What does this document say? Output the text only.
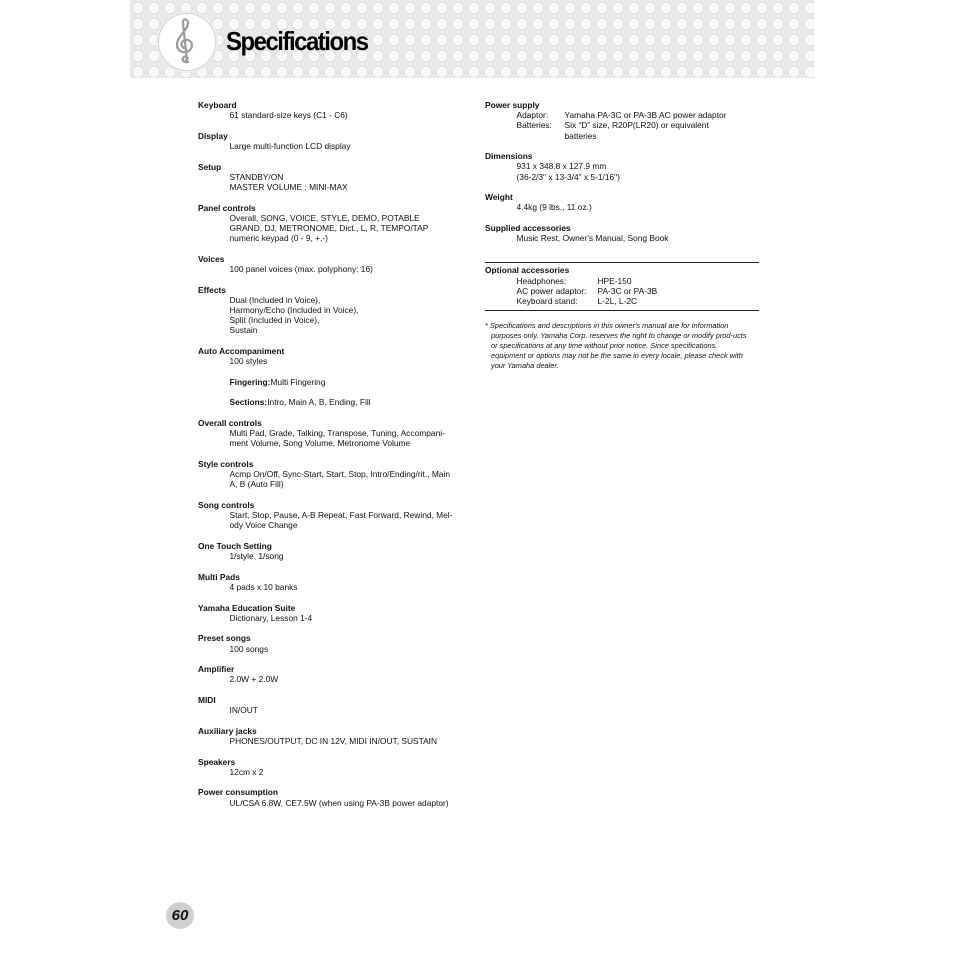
Specifications
Keyboard
61 standard-size keys (C1 - C6)
Display
Large multi-function LCD display
Setup
STANDBY/ON
MASTER VOLUME : MINI-MAX
Panel controls
Overall, SONG, VOICE, STYLE, DEMO, POTABLE
GRAND, DJ, METRONOME, Dict., L, R, TEMPO/TAP
numeric keypad (0 - 9, +,-)
Voices
100 panel voices (max. polyphony: 16)
Effects
Dual (Included in Voice),
Harmony/Echo (Included in Voice),
Split (Included in Voice),
Sustain
Auto Accompaniment
100 styles
Fingering:Multi Fingering
Sections:Intro, Main A, B, Ending, Fill
Overall controls
Multi Pad, Grade, Talking, Transpose, Tuning, Accompani-
ment Volume, Song Volume, Metronome Volume
Style controls
Acmp On/Off, Sync-Start, Start, Stop, Intro/Ending/rit., Main
A, B (Auto Fill)
Song controls
Start, Stop, Pause, A-B Repeat, Fast Forward, Rewind, Mel-
ody Voice Change
One Touch Setting
1/style, 1/song
Multi Pads
4 pads x 10 banks
Yamaha Education Suite
Dictionary, Lesson 1-4
Preset songs
100 songs
Amplifier
2.0W + 2.0W
MIDI
IN/OUT
Auxiliary jacks
PHONES/OUTPUT, DC IN 12V, MIDI IN/OUT, SUSTAIN
Speakers
12cm x 2
Power consumption
UL/CSA 6.8W, CE7.5W (when using PA-3B power adaptor)
Power supply
Adaptor:	Yamaha PA-3C or PA-3B AC power adaptor
Batteries:	Six “D” size, R20P(LR20) or equivalent
batteries
Dimensions
931 x 348.8 x 127.9 mm
(36-2/3" x 13-3/4" x 5-1/16")
Weight
4.4kg (9 lbs., 11 oz.)
Supplied accessories
Music Rest, Owner's Manual, Song Book
Optional accessories
Headphones:	HPE-150
AC power adaptor:	PA-3C or PA-3B
Keyboard stand:	L-2L, L-2C
* Specifications and descriptions in this owner's manual are for information purposes only. Yamaha Corp. reserves the right to change or modify prod-ucts or specifications at any time without prior notice. Since specifications, equipment or options may not be the same in every locale, please check with your Yamaha dealer.
60
